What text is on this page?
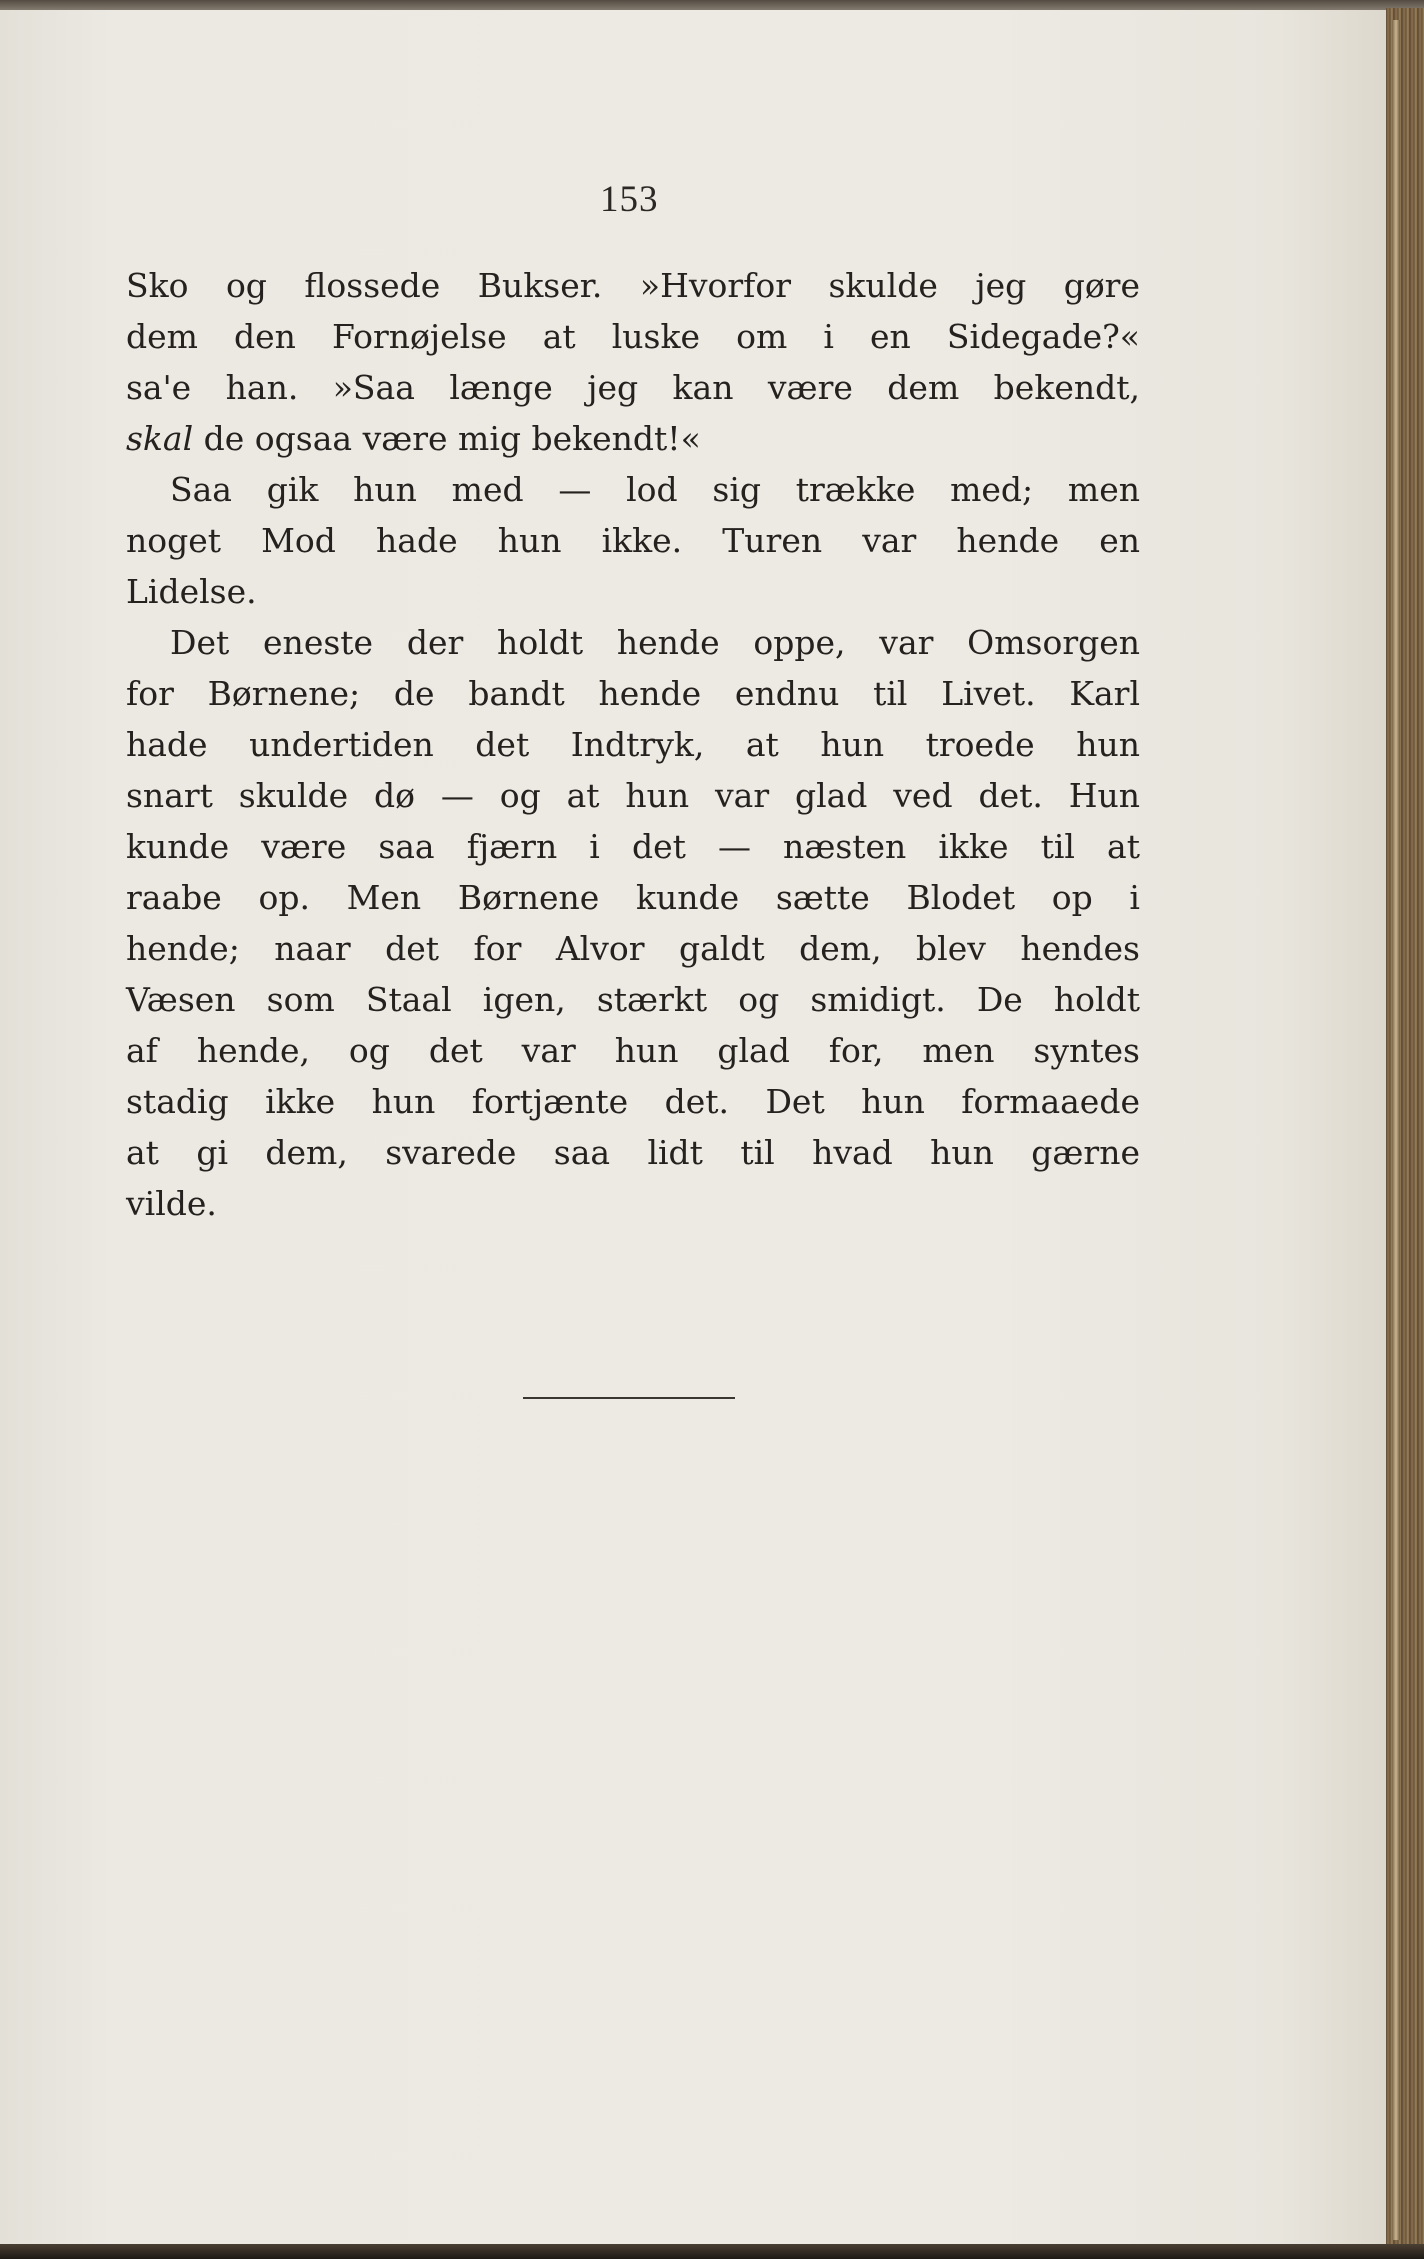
153
Sko og flossede Bukser. »Hvorfor skulde jeg gøre
dem den Fornøjelse at luske om i en Sidegade?«
sa'e han. »Saa længe jeg kan være dem bekendt,
skal de ogsaa være mig bekendt!«
Saa gik hun med — lod sig trække med; men
noget Mod hade hun ikke. Turen var hende en
Lidelse.
Det eneste der holdt hende oppe, var Omsorgen
for Børnene; de bandt hende endnu til Livet. Karl
hade undertiden det Indtryk, at hun troede hun
snart skulde dø — og at hun var glad ved det. Hun
kunde være saa fjærn i det — næsten ikke til at
raabe op. Men Børnene kunde sætte Blodet op i
hende; naar det for Alvor galdt dem, blev hendes
Væsen som Staal igen, stærkt og smidigt. De holdt
af hende, og det var hun glad for, men syntes
stadig ikke hun fortjænte det. Det hun formaaede
at gi dem, svarede saa lidt til hvad hun gærne
vilde.
